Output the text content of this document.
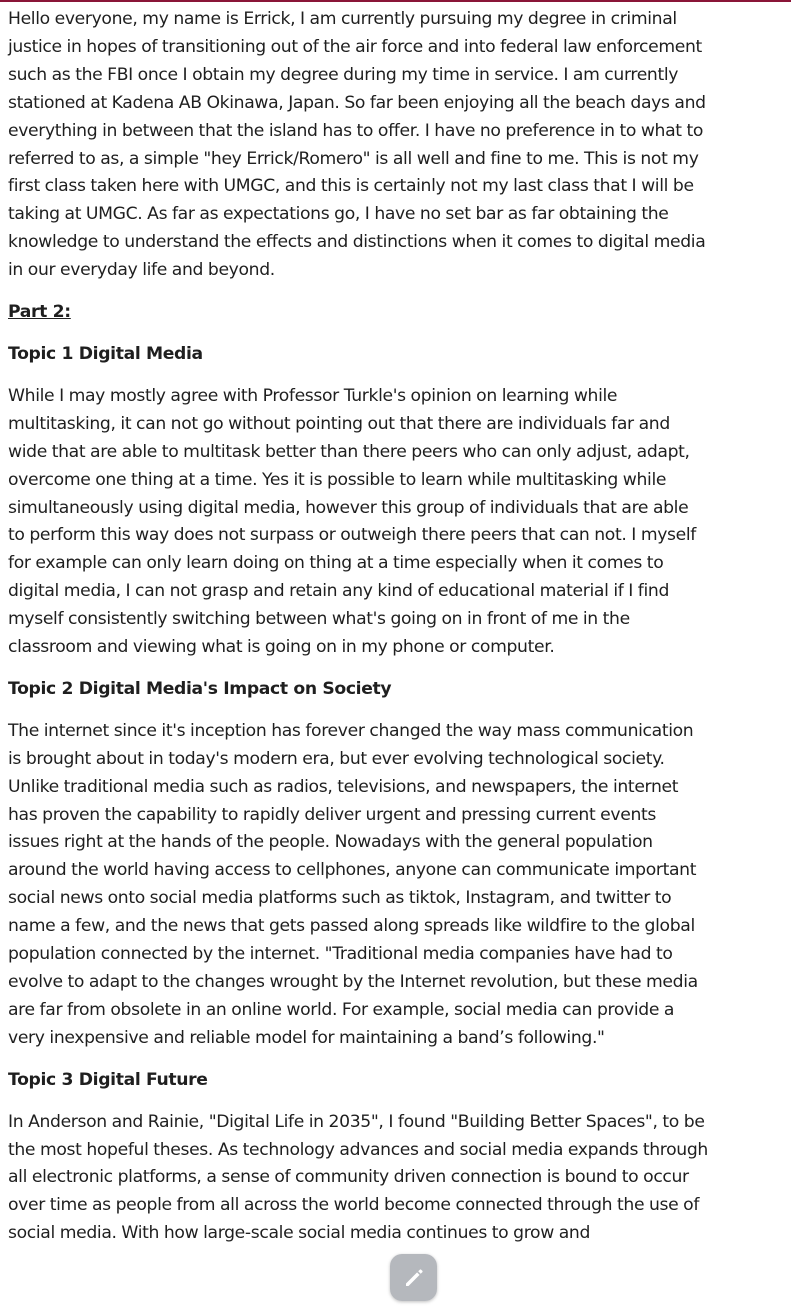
Hello everyone, my name is Errick, I am currently pursuing my degree in criminal justice in hopes of transitioning out of the air force and into federal law enforcement such as the FBI once I obtain my degree during my time in service. I am currently stationed at Kadena AB Okinawa, Japan. So far been enjoying all the beach days and everything in between that the island has to offer. I have no preference in to what to referred to as, a simple "hey Errick/Romero" is all well and fine to me. This is not my first class taken here with UMGC, and this is certainly not my last class that I will be taking at UMGC. As far as expectations go, I have no set bar as far obtaining the knowledge to understand the effects and distinctions when it comes to digital media in our everyday life and beyond.

Part 2:

Topic 1 Digital Media

While I may mostly agree with Professor Turkle's opinion on learning while multitasking, it can not go without pointing out that there are individuals far and wide that are able to multitask better than there peers who can only adjust, adapt, overcome one thing at a time. Yes it is possible to learn while multitasking while simultaneously using digital media, however this group of individuals that are able to perform this way does not surpass or outweigh there peers that can not. I myself for example can only learn doing on thing at a time especially when it comes to digital media, I can not grasp and retain any kind of educational material if I find myself consistently switching between what's going on in front of me in the classroom and viewing what is going on in my phone or computer.

Topic 2 Digital Media's Impact on Society

The internet since it's inception has forever changed the way mass communication is brought about in today's modern era, but ever evolving technological society. Unlike traditional media such as radios, televisions, and newspapers, the internet has proven the capability to rapidly deliver urgent and pressing current events issues right at the hands of the people. Nowadays with the general population around the world having access to cellphones, anyone can communicate important social news onto social media platforms such as tiktok, Instagram, and twitter to name a few, and the news that gets passed along spreads like wildfire to the global population connected by the internet. "Traditional media companies have had to evolve to adapt to the changes wrought by the Internet revolution, but these media are far from obsolete in an online world. For example, social media can provide a very inexpensive and reliable model for maintaining a band’s following."

Topic 3 Digital Future

In Anderson and Rainie, "Digital Life in 2035", I found "Building Better Spaces", to be the most hopeful theses. As technology advances and social media expands through all electronic platforms, a sense of community driven connection is bound to occur over time as people from all across the world become connected through the use of social media. With how large-scale social media continues to grow and
